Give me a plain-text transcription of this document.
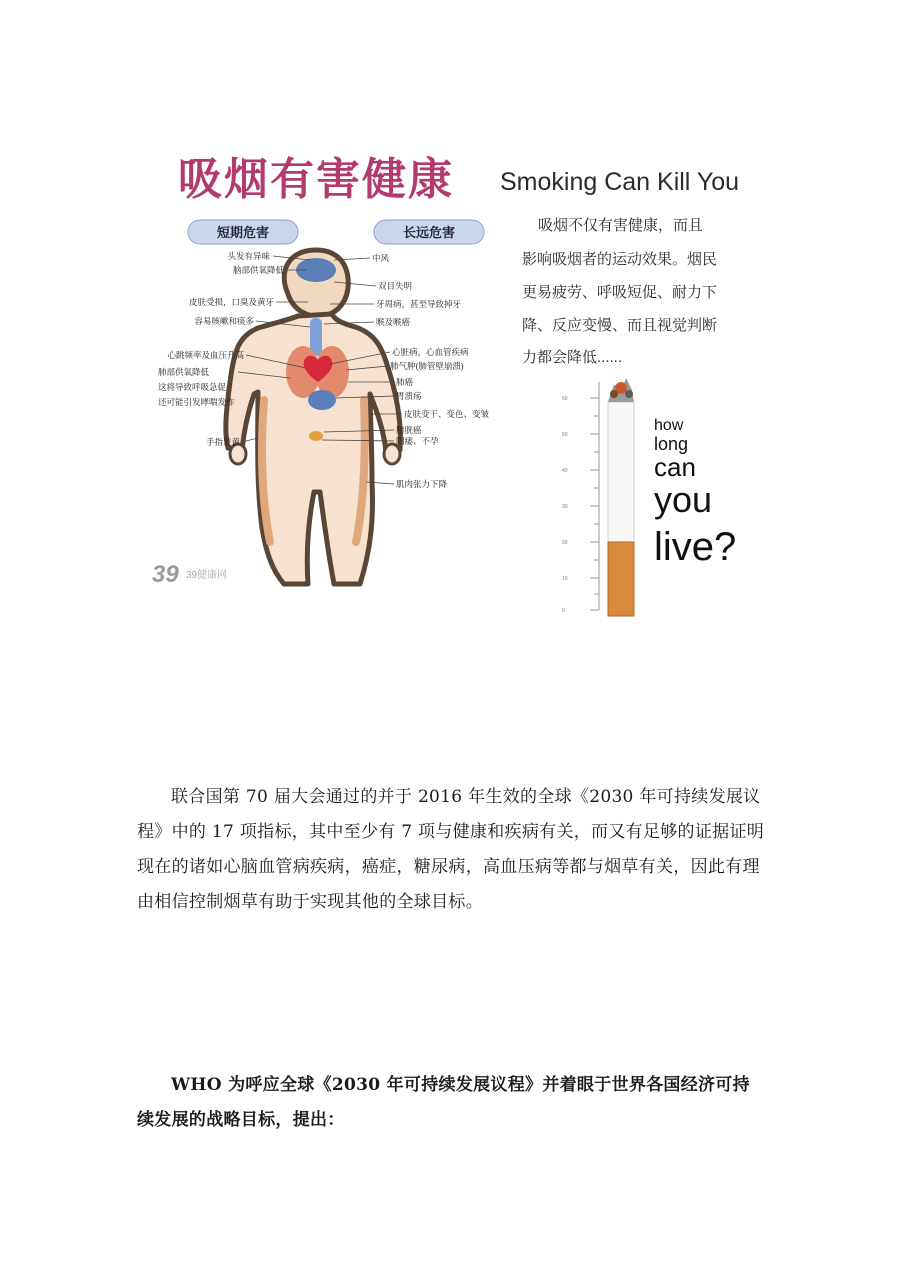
吸烟有害健康 Smoking Can Kill You
短期危害	长远危害
头发有异味
脑部供氧降低
皮肤受损，口臭及黄牙
容易咳嗽和痰多
心跳频率及血压升高
肺部供氧降低
这将导致呼吸急促
还可能引发哮喘发作
手指发黄
中风
双目失明
牙周病，甚至导致掉牙
喉及喉癌
心脏病，心血管疾病
肺气肿(肺管壁崩溃)
肺癌
胃溃疡
皮肤变干、变色、变皱
膀胱癌
阳痿、不孕
肌肉张力下降
吸烟不仅有害健康，而且
影响吸烟者的运动效果。烟民
更易疲劳、呼吸短促、耐力下
降、反应变慢、而且视觉判断
力都会降低......
60
50
40
30
20
10
0
how
long
can
you
live?
39 39健康网

联合国第 70 届大会通过的并于 2016 年生效的全球《2030 年可持续发展议程》中的 17 项指标，其中至少有 7 项与健康和疾病有关，而又有足够的证据证明现在的诸如心脑血管病疾病，癌症，糖尿病，高血压病等都与烟草有关，因此有理由相信控制烟草有助于实现其他的全球目标。

WHO 为呼应全球《2030 年可持续发展议程》并着眼于世界各国经济可持续发展的战略目标，提出：
